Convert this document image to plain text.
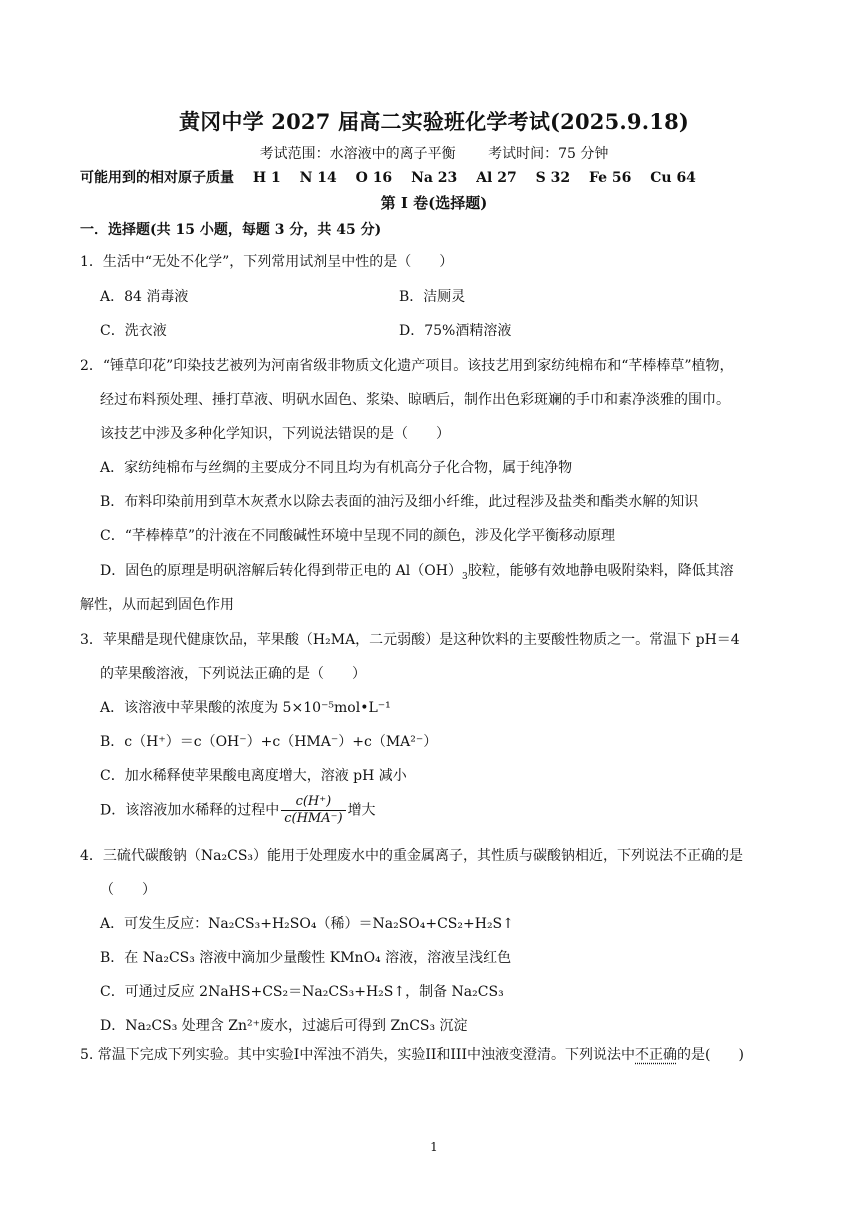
黄冈中学 2027 届高二实验班化学考试(2025.9.18)
考试范围：水溶液中的离子平衡 考试时间：75 分钟
可能用到的相对原子质量 H 1 N 14 O 16 Na 23 Al 27 S 32 Fe 56 Cu 64
第 I 卷(选择题)
一．选择题(共 15 小题，每题 3 分，共 45 分)
1．生活中“无处不化学”，下列常用试剂呈中性的是（　　）
A．84 消毒液	B．洁厕灵
C．洗衣液	D．75%酒精溶液
2．“锤草印花”印染技艺被列为河南省级非物质文化遗产项目。该技艺用到家纺纯棉布和“芊棒棒草”植物，
经过布料预处理、捶打草液、明矾水固色、浆染、晾晒后，制作出色彩斑斓的手巾和素净淡雅的围巾。
该技艺中涉及多种化学知识，下列说法错误的是（　　）
A．家纺纯棉布与丝绸的主要成分不同且均为有机高分子化合物，属于纯净物
B．布料印染前用到草木灰煮水以除去表面的油污及细小纤维，此过程涉及盐类和酯类水解的知识
C．“芊棒棒草”的汁液在不同酸碱性环境中呈现不同的颜色，涉及化学平衡移动原理
D．固色的原理是明矾溶解后转化得到带正电的 $Al(OH)_3$胶粒，能够有效地静电吸附染料，降低其溶
解性，从而起到固色作用
3．苹果醋是现代健康饮品，苹果酸（H₂MA，二元弱酸）是这种饮料的主要酸性物质之一。常温下 pH＝4
的苹果酸溶液，下列说法正确的是（　　）
A．该溶液中苹果酸的浓度为 5×10⁻⁵mol•L⁻¹
B．c（H⁺）＝c（OH⁻）+c（HMA⁻）+c（MA²⁻）
C．加水稀释使苹果酸电离度增大，溶液 pH 减小
D．该溶液加水稀释的过程中 $\frac{c(H^+)}{\text{c(HMA⁻)}}$ 增大
4．三硫代碳酸钠（Na₂CS₃）能用于处理废水中的重金属离子，其性质与碳酸钠相近，下列说法不正确的是
（　　）
A．可发生反应：Na₂CS₃+H₂SO₄（稀）＝Na₂SO₄+CS₂+H₂S↑
B．在 Na₂CS₃ 溶液中滴加少量酸性 KMnO₄ 溶液，溶液呈浅红色
C．可通过反应 2NaHS+CS₂＝Na₂CS₃+H₂S↑，制备 Na₂CS₃
D．Na₂CS₃ 处理含 Zn²⁺废水，过滤后可得到 ZnCS₃ 沉淀
5. 常温下完成下列实验。其中实验I中浑浊不消失，实验II和III中浊液变澄清。下列说法中不正确的是(　　)
1
